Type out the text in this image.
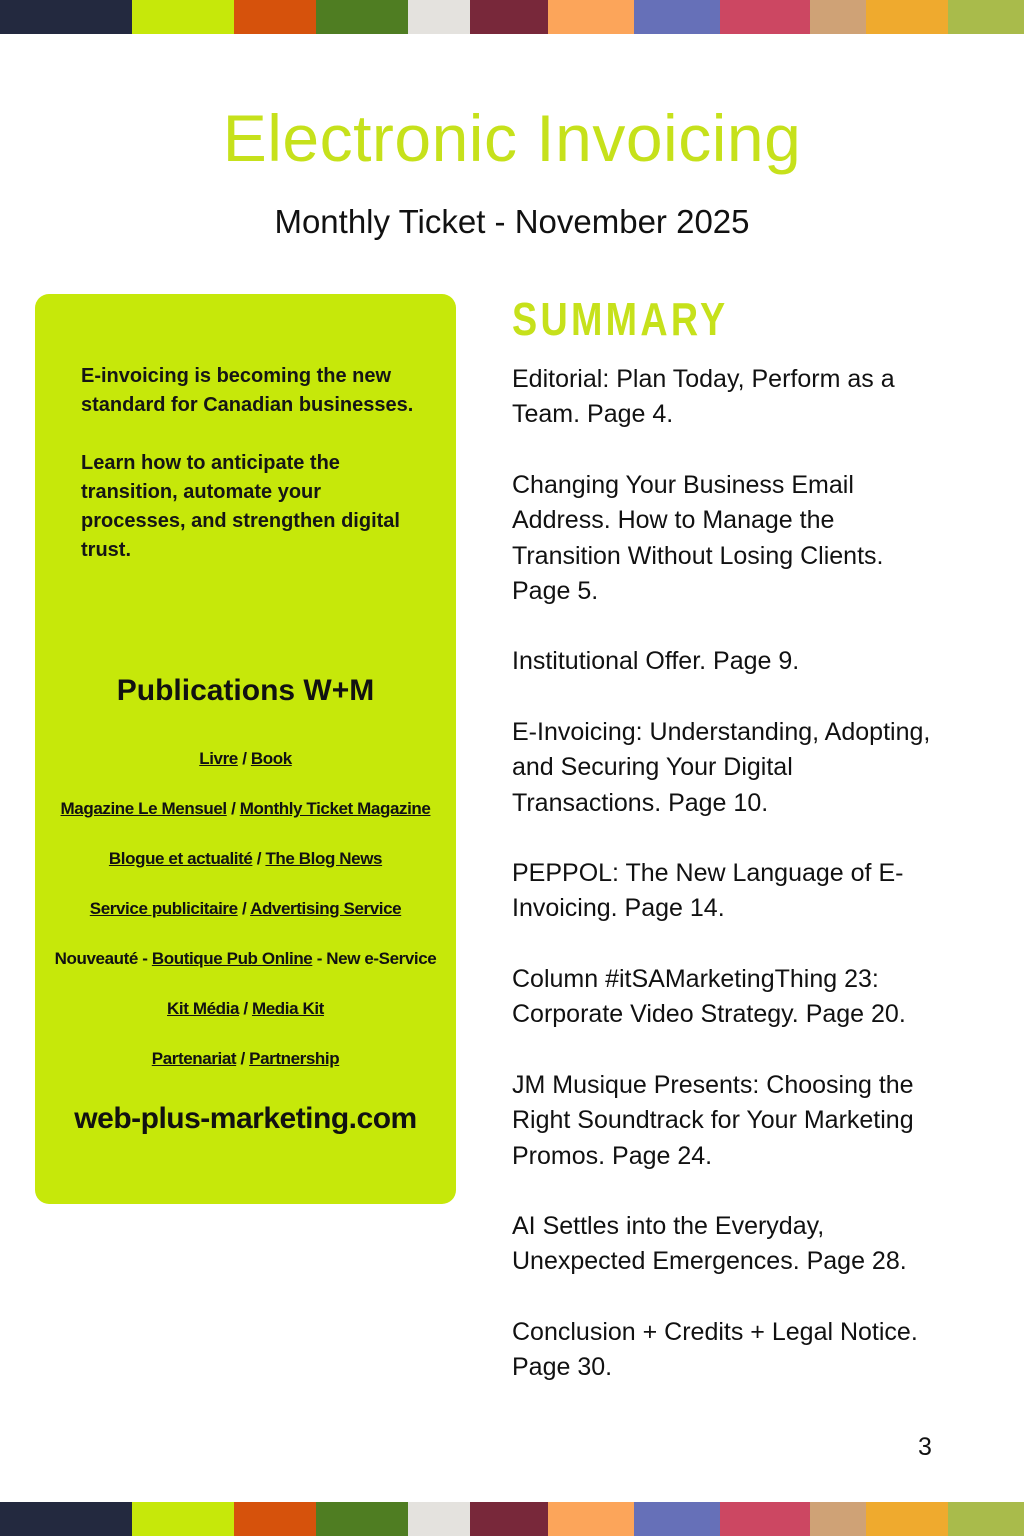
Electronic Invoicing
Monthly Ticket - November 2025
E-invoicing is becoming the new standard for Canadian businesses.
Learn how to anticipate the transition, automate your processes, and strengthen digital trust.
Publications W+M
Livre / Book
Magazine Le Mensuel / Monthly Ticket Magazine
Blogue et actualité / The Blog News
Service publicitaire / Advertising Service
Nouveauté - Boutique Pub Online - New e-Service
Kit Média / Media Kit
Partenariat / Partnership
web-plus-marketing.com
SUMMARY
Editorial: Plan Today, Perform as a Team. Page 4.
Changing Your Business Email Address. How to Manage the Transition Without Losing Clients. Page 5.
Institutional Offer. Page 9.
E-Invoicing: Understanding, Adopting, and Securing Your Digital Transactions. Page 10.
PEPPOL: The New Language of E-Invoicing. Page 14.
Column #itSAMarketingThing 23: Corporate Video Strategy. Page 20.
JM Musique Presents: Choosing the Right Soundtrack for Your Marketing Promos. Page 24.
AI Settles into the Everyday, Unexpected Emergences. Page 28.
Conclusion + Credits + Legal Notice. Page 30.
3
